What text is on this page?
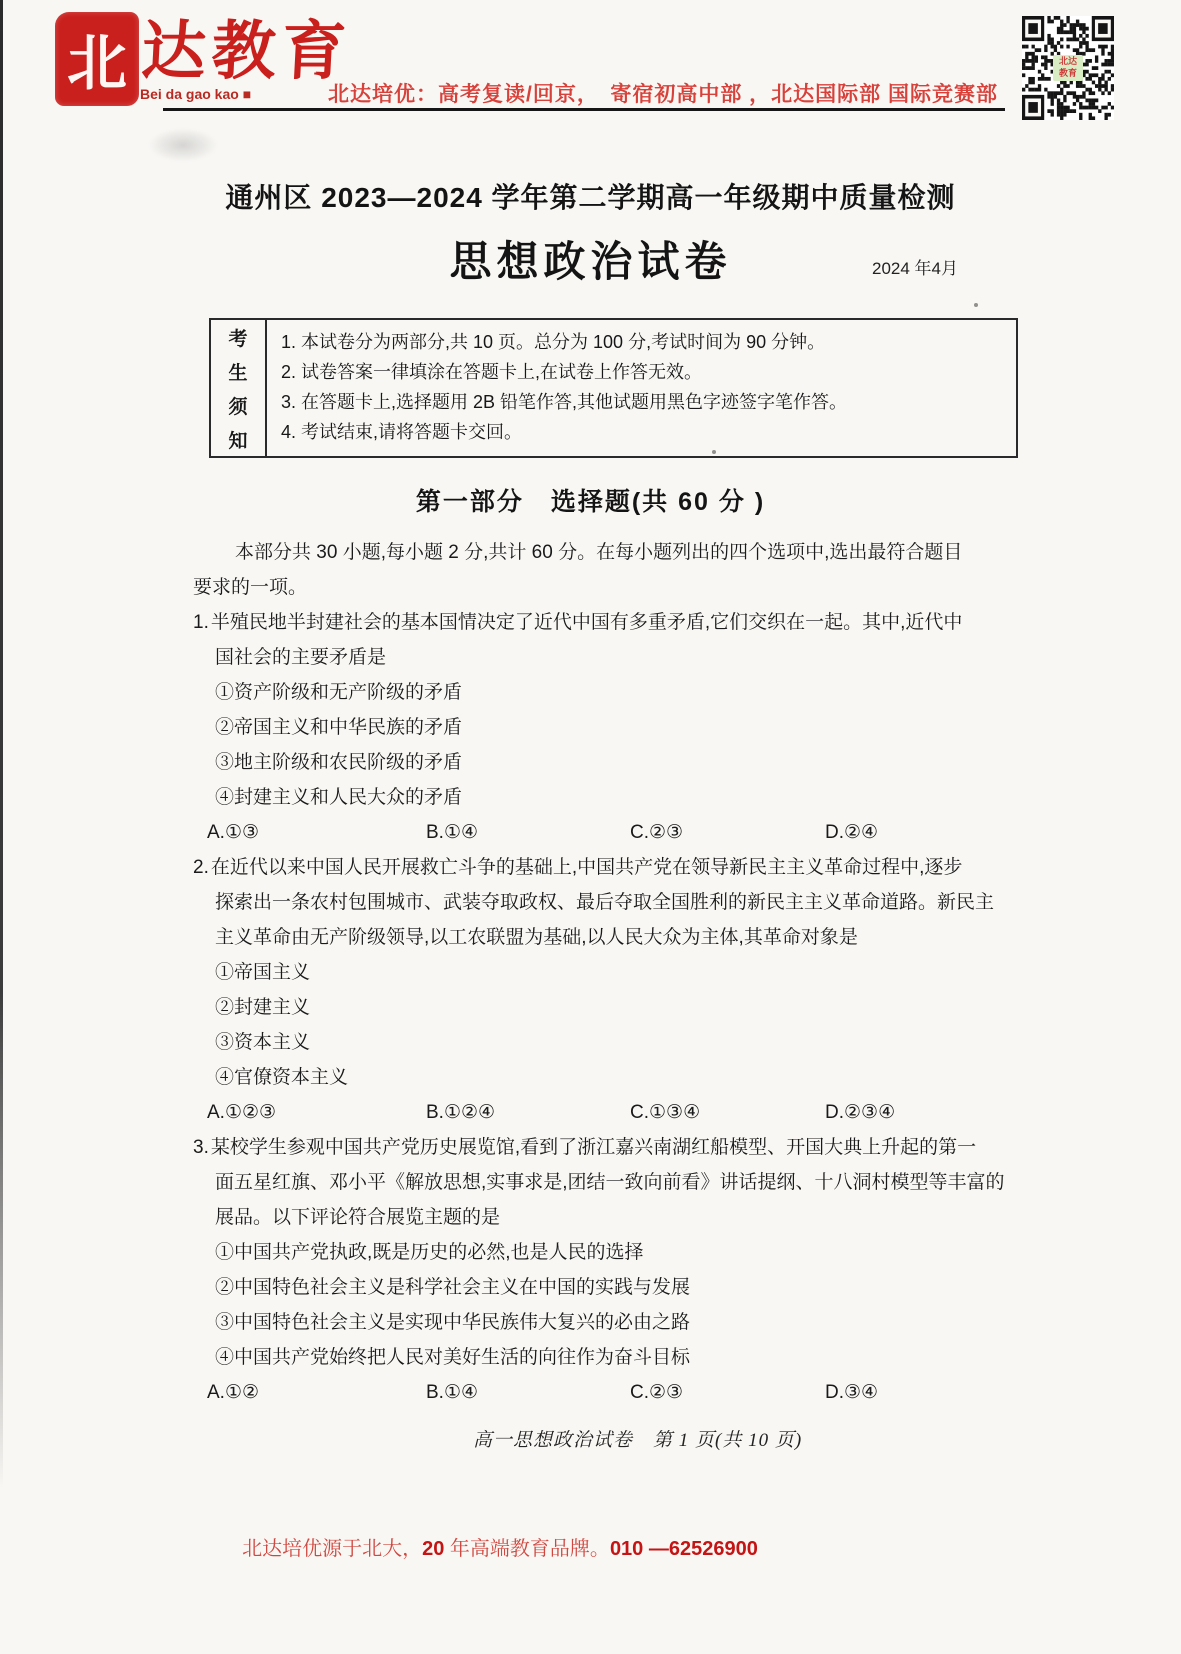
北 达教育
Bei da gao kao ■	北达培优：高考复读/回京，　寄宿初高中部 ，北达国际部 国际竞赛部
北达
教育
通州区 2023—2024 学年第二学期高一年级期中质量检测
思想政治试卷	2024 年4月
考
生
须
知
1. 本试卷分为两部分,共 10 页。总分为 100 分,考试时间为 90 分钟。
2. 试卷答案一律填涂在答题卡上,在试卷上作答无效。
3. 在答题卡上,选择题用 2B 铅笔作答,其他试题用黑色字迹签字笔作答。
4. 考试结束,请将答题卡交回。
第一部分　选择题(共 60 分 )
本部分共 30 小题,每小题 2 分,共计 60 分。在每小题列出的四个选项中,选出最符合题目
要求的一项。
1. 半殖民地半封建社会的基本国情决定了近代中国有多重矛盾,它们交织在一起。其中,近代中
国社会的主要矛盾是
①资产阶级和无产阶级的矛盾
②帝国主义和中华民族的矛盾
③地主阶级和农民阶级的矛盾
④封建主义和人民大众的矛盾
A.①③	B.①④	C.②③	D.②④
2. 在近代以来中国人民开展救亡斗争的基础上,中国共产党在领导新民主主义革命过程中,逐步
探索出一条农村包围城市、武装夺取政权、最后夺取全国胜利的新民主主义革命道路。新民主
主义革命由无产阶级领导,以工农联盟为基础,以人民大众为主体,其革命对象是
①帝国主义
②封建主义
③资本主义
④官僚资本主义
A.①②③	B.①②④	C.①③④	D.②③④
3. 某校学生参观中国共产党历史展览馆,看到了浙江嘉兴南湖红船模型、开国大典上升起的第一
面五星红旗、邓小平《解放思想,实事求是,团结一致向前看》讲话提纲、十八洞村模型等丰富的
展品。以下评论符合展览主题的是
①中国共产党执政,既是历史的必然,也是人民的选择
②中国特色社会主义是科学社会主义在中国的实践与发展
③中国特色社会主义是实现中华民族伟大复兴的必由之路
④中国共产党始终把人民对美好生活的向往作为奋斗目标
A.①②	B.①④	C.②③	D.③④
高一思想政治试卷　第 1 页(共 10 页)
北达培优源于北大，20 年高端教育品牌。010 —62526900
